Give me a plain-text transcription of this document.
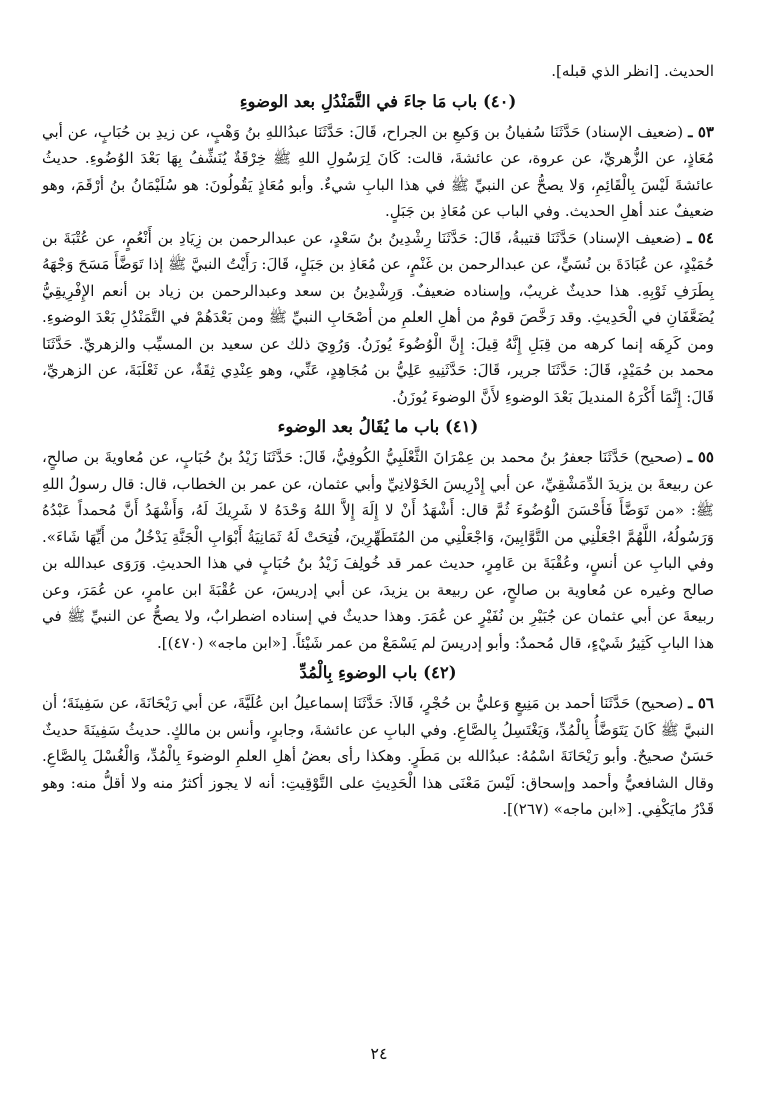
الحديث. [انظر الذي قبله].

(٤٠) باب مَا جاءَ في التَّمَنْدُلِ بعد الوضوءِ

٥٣ ـ (ضعيف الإسناد) حَدَّثَنَا سُفيانُ بن وَكيعِ بن الجراح، قَالَ: حَدَّثَنَا عبدُاللهِ بنُ وَهْبٍ، عن زيدِ بن حُبَابٍ، عن أبي مُعَاذٍ، عن الزُّهريِّ، عن عروة، عن عائشةَ، قالت: كَانَ لِرَسُولِ اللهِ ﷺ خِرْقَةٌ يُنَشِّفُ بِهَا بَعْدَ الوُضُوءِ. حديثُ عائشةَ لَيْسَ بِالْقَائِمِ، وَلا يصحُّ عن النبيِّ ﷺ في هذا البابِ شيءٌ. وأبو مُعَاذٍ يَقُولُونَ: هو سُلَيْمَانُ بنُ أرْقَمَ، وهو ضعيفٌ عند أهلِ الحديث. وفي الباب عن مُعَاذِ بن جَبَلٍ.

٥٤ ـ (ضعيف الإسناد) حَدَّثَنَا قتيبةُ، قَالَ: حَدَّثَنَا رِشْدِينُ بنُ سَعْدٍ، عن عبدالرحمن بن زِيَادِ بن أَنْعُمٍ، عن عُتْبَةَ بن حُمَيْدٍ، عن عُبَادَةَ بن نُسَيٍّ، عن عبدالرحمن بن غَنْمٍ، عن مُعَاذِ بن جَبَلٍ، قَالَ: رَأَيْتُ النبيَّ ﷺ إذا تَوَضَّأَ مَسَحَ وَجْهَهُ بِطَرَفِ ثَوْبِهِ. هذا حديثٌ غريبٌ، وإسناده ضعيفٌ. وَرِشْدِينُ بن سعد وعبدالرحمن بن زياد بن أنعم الإِفْرِيقِيُّ يُضَعَّفَانِ في الْحَدِيثِ. وقد رَخَّصَ قومٌ من أهلِ العلمِ من أصْحَابِ النبيِّ ﷺ ومن بَعْدَهُمْ في التَّمَنْدُلِ بَعْدَ الوضوءِ. ومن كَرِهَه إنما كرهه من قِبَلِ إِنَّهُ قِيلَ: إِنَّ الْوُضُوءَ يُوزَنُ. وَرُوِيَ ذلك عن سعيد بن المسيِّب والزهريِّ. حَدَّثَنَا محمد بن حُمَيْدٍ، قَالَ: حَدَّثَنَا جرير، قَالَ: حَدَّثَنِيهِ عَلِيُّ بن مُجَاهِدٍ، عَنِّي، وهو عِنْدِي ثِقَةٌ، عن ثَعْلَبَةَ، عن الزهريِّ، قَالَ: إِنَّمَا أَكْرَهُ المنديلَ بَعْدَ الوضوءِ لأَنَّ الوضوءَ يُوزَنُ.

(٤١) باب ما يُقَالُ بعد الوضوء

٥٥ ـ (صحيح) حَدَّثَنَا جعفرُ بنُ محمد بن عِمْرَانَ الثَّعْلَبِيُّ الكُوفِيُّ، قَالَ: حَدَّثَنَا زَيْدُ بنُ حُبَابٍ، عن مُعاويةَ بن صالحٍ، عن ربيعةَ بن يزيدَ الدِّمَشْقِيِّ، عن أبي إِدْرِيسَ الخَوْلانِيِّ وأبي عثمان، عن عمر بن الخطاب، قال: قال رسولُ اللهِ ﷺ: «من تَوَضَّأَ فَأَحْسَنَ الْوُضُوءَ ثُمَّ قال: أَشْهَدُ أَنْ لا إِلَهَ إِلاَّ اللهُ وَحْدَهُ لا شَرِيكَ لَهُ، وَأَشْهَدُ أَنَّ مُحمداً عَبْدُهُ وَرَسُولُهُ، اللَّهُمَّ اجْعَلْنِي من التَّوَّابِينَ، وَاجْعَلْنِي من المُتَطَهِّرِينَ، فُتِحَتْ لَهُ ثَمَانِيَةُ أَبْوَابِ الْجَنَّةِ يَدْخُلُ من أَيِّهَا شَاءَ». وفي البابِ عن أنسٍ، وعُقْبَةَ بن عَامِرٍ، حديث عمر قد خُولِفَ زَيْدُ بنُ حُبَابٍ في هذا الحديثِ. وَرَوَى عبدالله بن صالح وغيره عن مُعاوية بن صالحٍ، عن ربيعة بن يزيدَ، عن أبي إدريسَ، عن عُقْبَةَ ابن عامرٍ، عن عُمَرَ، وعن ربيعةَ عن أبي عثمان عن جُبَيْرِ بن نُفَيْرٍ عن عُمَرَ. وهذا حديثٌ في إسناده اضطرابٌ، ولا يصحُّ عن النبيِّ ﷺ في هذا البابِ كَثِيرُ شَيْءٍ، قال مُحمدٌ: وأبو إدريسَ لم يَسْمَعْ من عمر شَيْئاً. [«ابن ماجه» (٤٧٠)].

(٤٢) باب الوضوءِ بِالْمُدِّ

٥٦ ـ (صحيح) حَدَّثَنَا أحمد بن مَنِيعٍ وَعليُّ بن حُجْرٍ، قَالاَ: حَدَّثَنَا إسماعيلُ ابن عُلَيَّةَ، عن أبي رَيْحَانَةَ، عن سَفِينَةَ؛ أن النبيَّ ﷺ كَانَ يَتَوَضَّأُ بِالْمُدِّ، وَيَغْتَسِلُ بِالصَّاعِ. وفي البابِ عن عائشةَ، وجابرٍ، وأنس بن مالكٍ. حديثُ سَفِينَةَ حديثٌ حَسَنٌ صحيحٌ. وأبو رَيْحَانَةَ اسْمُهُ: عبدُالله بن مَطَرٍ. وهكذا رأى بعضُ أهلِ العلمِ الوضوءَ بِالْمُدِّ، وَالْغُسْلَ بِالصَّاعِ. وقال الشافعيُّ وأحمد وإسحاق: لَيْسَ مَعْنَى هذا الْحَدِيثِ على التَّوْقِيتِ: أنه لا يجوز أكثرُ منه ولا أقلُّ منه: وهو قَدْرُ مايَكْفِي. [«ابن ماجه» (٢٦٧)].

٢٤
